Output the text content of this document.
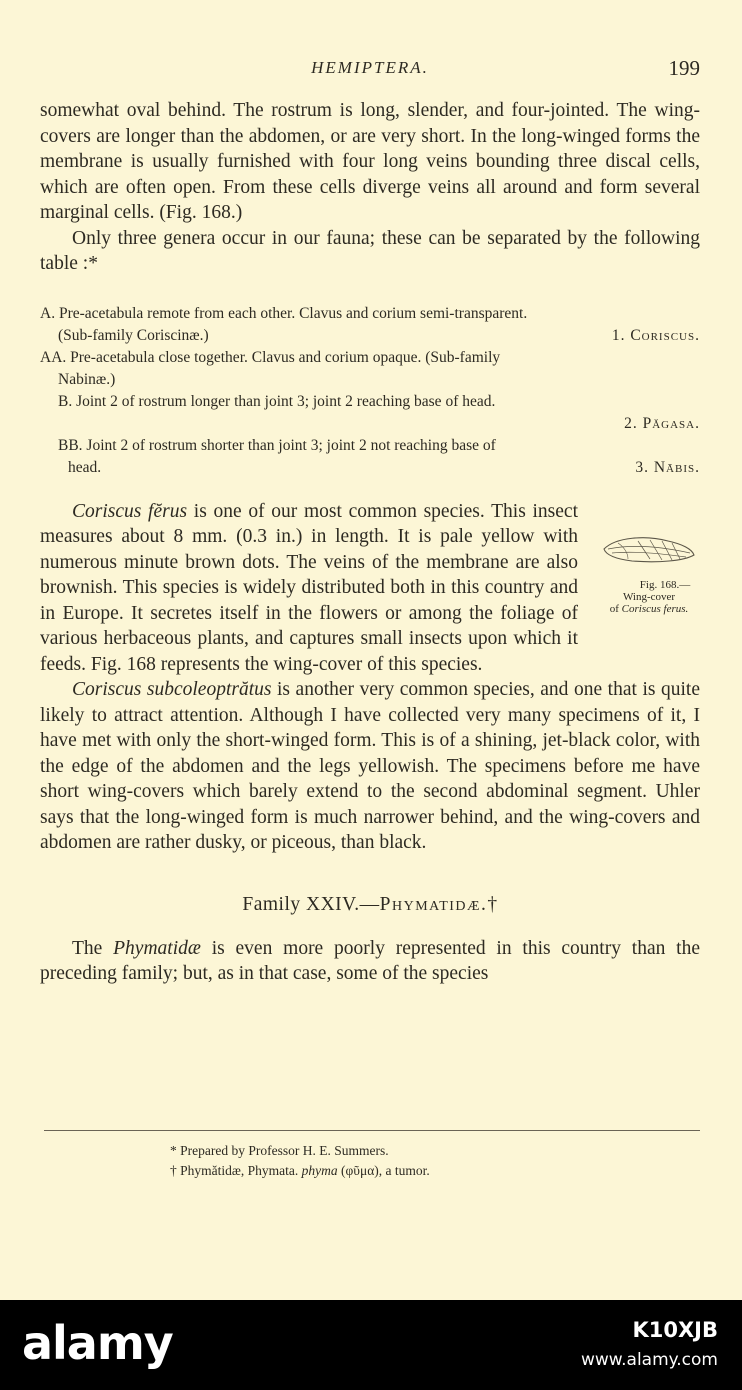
HEMIPTERA.	199

somewhat oval behind. The rostrum is long, slender, and four-jointed. The wing-covers are longer than the abdomen, or are very short. In the long-winged forms the membrane is usually furnished with four long veins bounding three discal cells, which are often open. From these cells diverge veins all around and form several marginal cells. (Fig. 168.)

Only three genera occur in our fauna; these can be separated by the following table :*

A. Pre-acetabula remote from each other. Clavus and corium semi-transparent.
(Sub-family Coriscinæ.)	1. Coriscus.
AA. Pre-acetabula close together. Clavus and corium opaque. (Sub-family
Nabinæ.)
B. Joint 2 of rostrum longer than joint 3; joint 2 reaching base of head.
2. Păgasa.
BB. Joint 2 of rostrum shorter than joint 3; joint 2 not reaching base of
head.	3. Nābis.

Fig. 168.—
Wing-cover
of Coriscus ferus.
Coriscus fĕrus is one of our most common species. This insect measures about 8 mm. (0.3 in.) in length. It is pale yellow with numerous minute brown dots. The veins of the membrane are also brownish. This species is widely distributed both in this country and in Europe. It secretes itself in the flowers or among the foliage of various herbaceous plants, and captures small insects upon which it feeds. Fig. 168 represents the wing-cover of this species.

Coriscus subcoleoptrătus is another very common species, and one that is quite likely to attract attention. Although I have collected very many specimens of it, I have met with only the short-winged form. This is of a shining, jet-black color, with the edge of the abdomen and the legs yellowish. The specimens before me have short wing-covers which barely extend to the second abdominal segment. Uhler says that the long-winged form is much narrower behind, and the wing-covers and abdomen are rather dusky, or piceous, than black.

Family XXIV.—Phymatidæ.†

The Phymatidæ is even more poorly represented in this country than the preceding family; but, as in that case, some of the species

* Prepared by Professor H. E. Summers.
† Phymătidæ, Phymata. phyma (φῦμα), a tumor.
alamy	K10XJB
www.alamy.com
